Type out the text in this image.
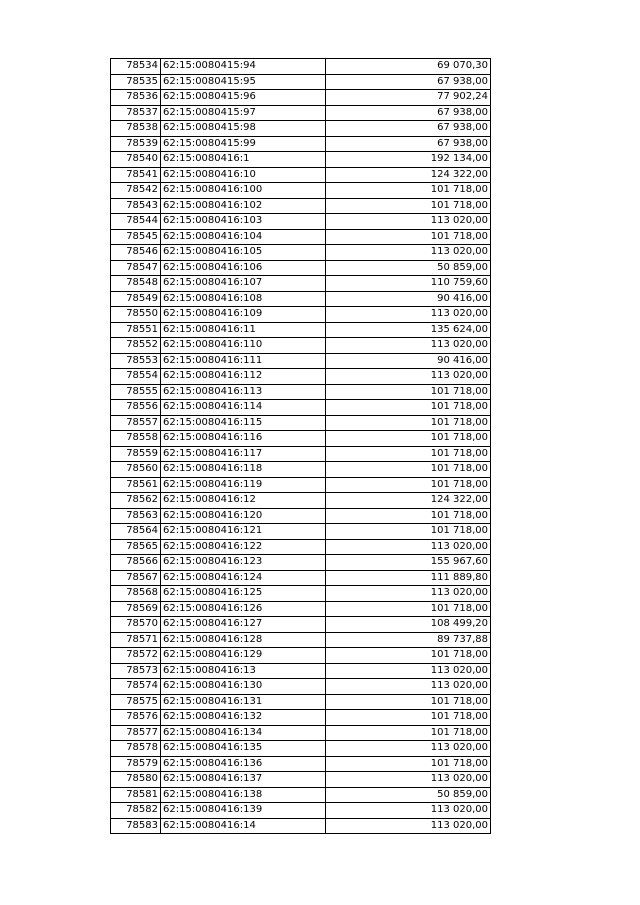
78534	62:15:0080415:94	69 070,30
78535	62:15:0080415:95	67 938,00
78536	62:15:0080415:96	77 902,24
78537	62:15:0080415:97	67 938,00
78538	62:15:0080415:98	67 938,00
78539	62:15:0080415:99	67 938,00
78540	62:15:0080416:1	192 134,00
78541	62:15:0080416:10	124 322,00
78542	62:15:0080416:100	101 718,00
78543	62:15:0080416:102	101 718,00
78544	62:15:0080416:103	113 020,00
78545	62:15:0080416:104	101 718,00
78546	62:15:0080416:105	113 020,00
78547	62:15:0080416:106	50 859,00
78548	62:15:0080416:107	110 759,60
78549	62:15:0080416:108	90 416,00
78550	62:15:0080416:109	113 020,00
78551	62:15:0080416:11	135 624,00
78552	62:15:0080416:110	113 020,00
78553	62:15:0080416:111	90 416,00
78554	62:15:0080416:112	113 020,00
78555	62:15:0080416:113	101 718,00
78556	62:15:0080416:114	101 718,00
78557	62:15:0080416:115	101 718,00
78558	62:15:0080416:116	101 718,00
78559	62:15:0080416:117	101 718,00
78560	62:15:0080416:118	101 718,00
78561	62:15:0080416:119	101 718,00
78562	62:15:0080416:12	124 322,00
78563	62:15:0080416:120	101 718,00
78564	62:15:0080416:121	101 718,00
78565	62:15:0080416:122	113 020,00
78566	62:15:0080416:123	155 967,60
78567	62:15:0080416:124	111 889,80
78568	62:15:0080416:125	113 020,00
78569	62:15:0080416:126	101 718,00
78570	62:15:0080416:127	108 499,20
78571	62:15:0080416:128	89 737,88
78572	62:15:0080416:129	101 718,00
78573	62:15:0080416:13	113 020,00
78574	62:15:0080416:130	113 020,00
78575	62:15:0080416:131	101 718,00
78576	62:15:0080416:132	101 718,00
78577	62:15:0080416:134	101 718,00
78578	62:15:0080416:135	113 020,00
78579	62:15:0080416:136	101 718,00
78580	62:15:0080416:137	113 020,00
78581	62:15:0080416:138	50 859,00
78582	62:15:0080416:139	113 020,00
78583	62:15:0080416:14	113 020,00
